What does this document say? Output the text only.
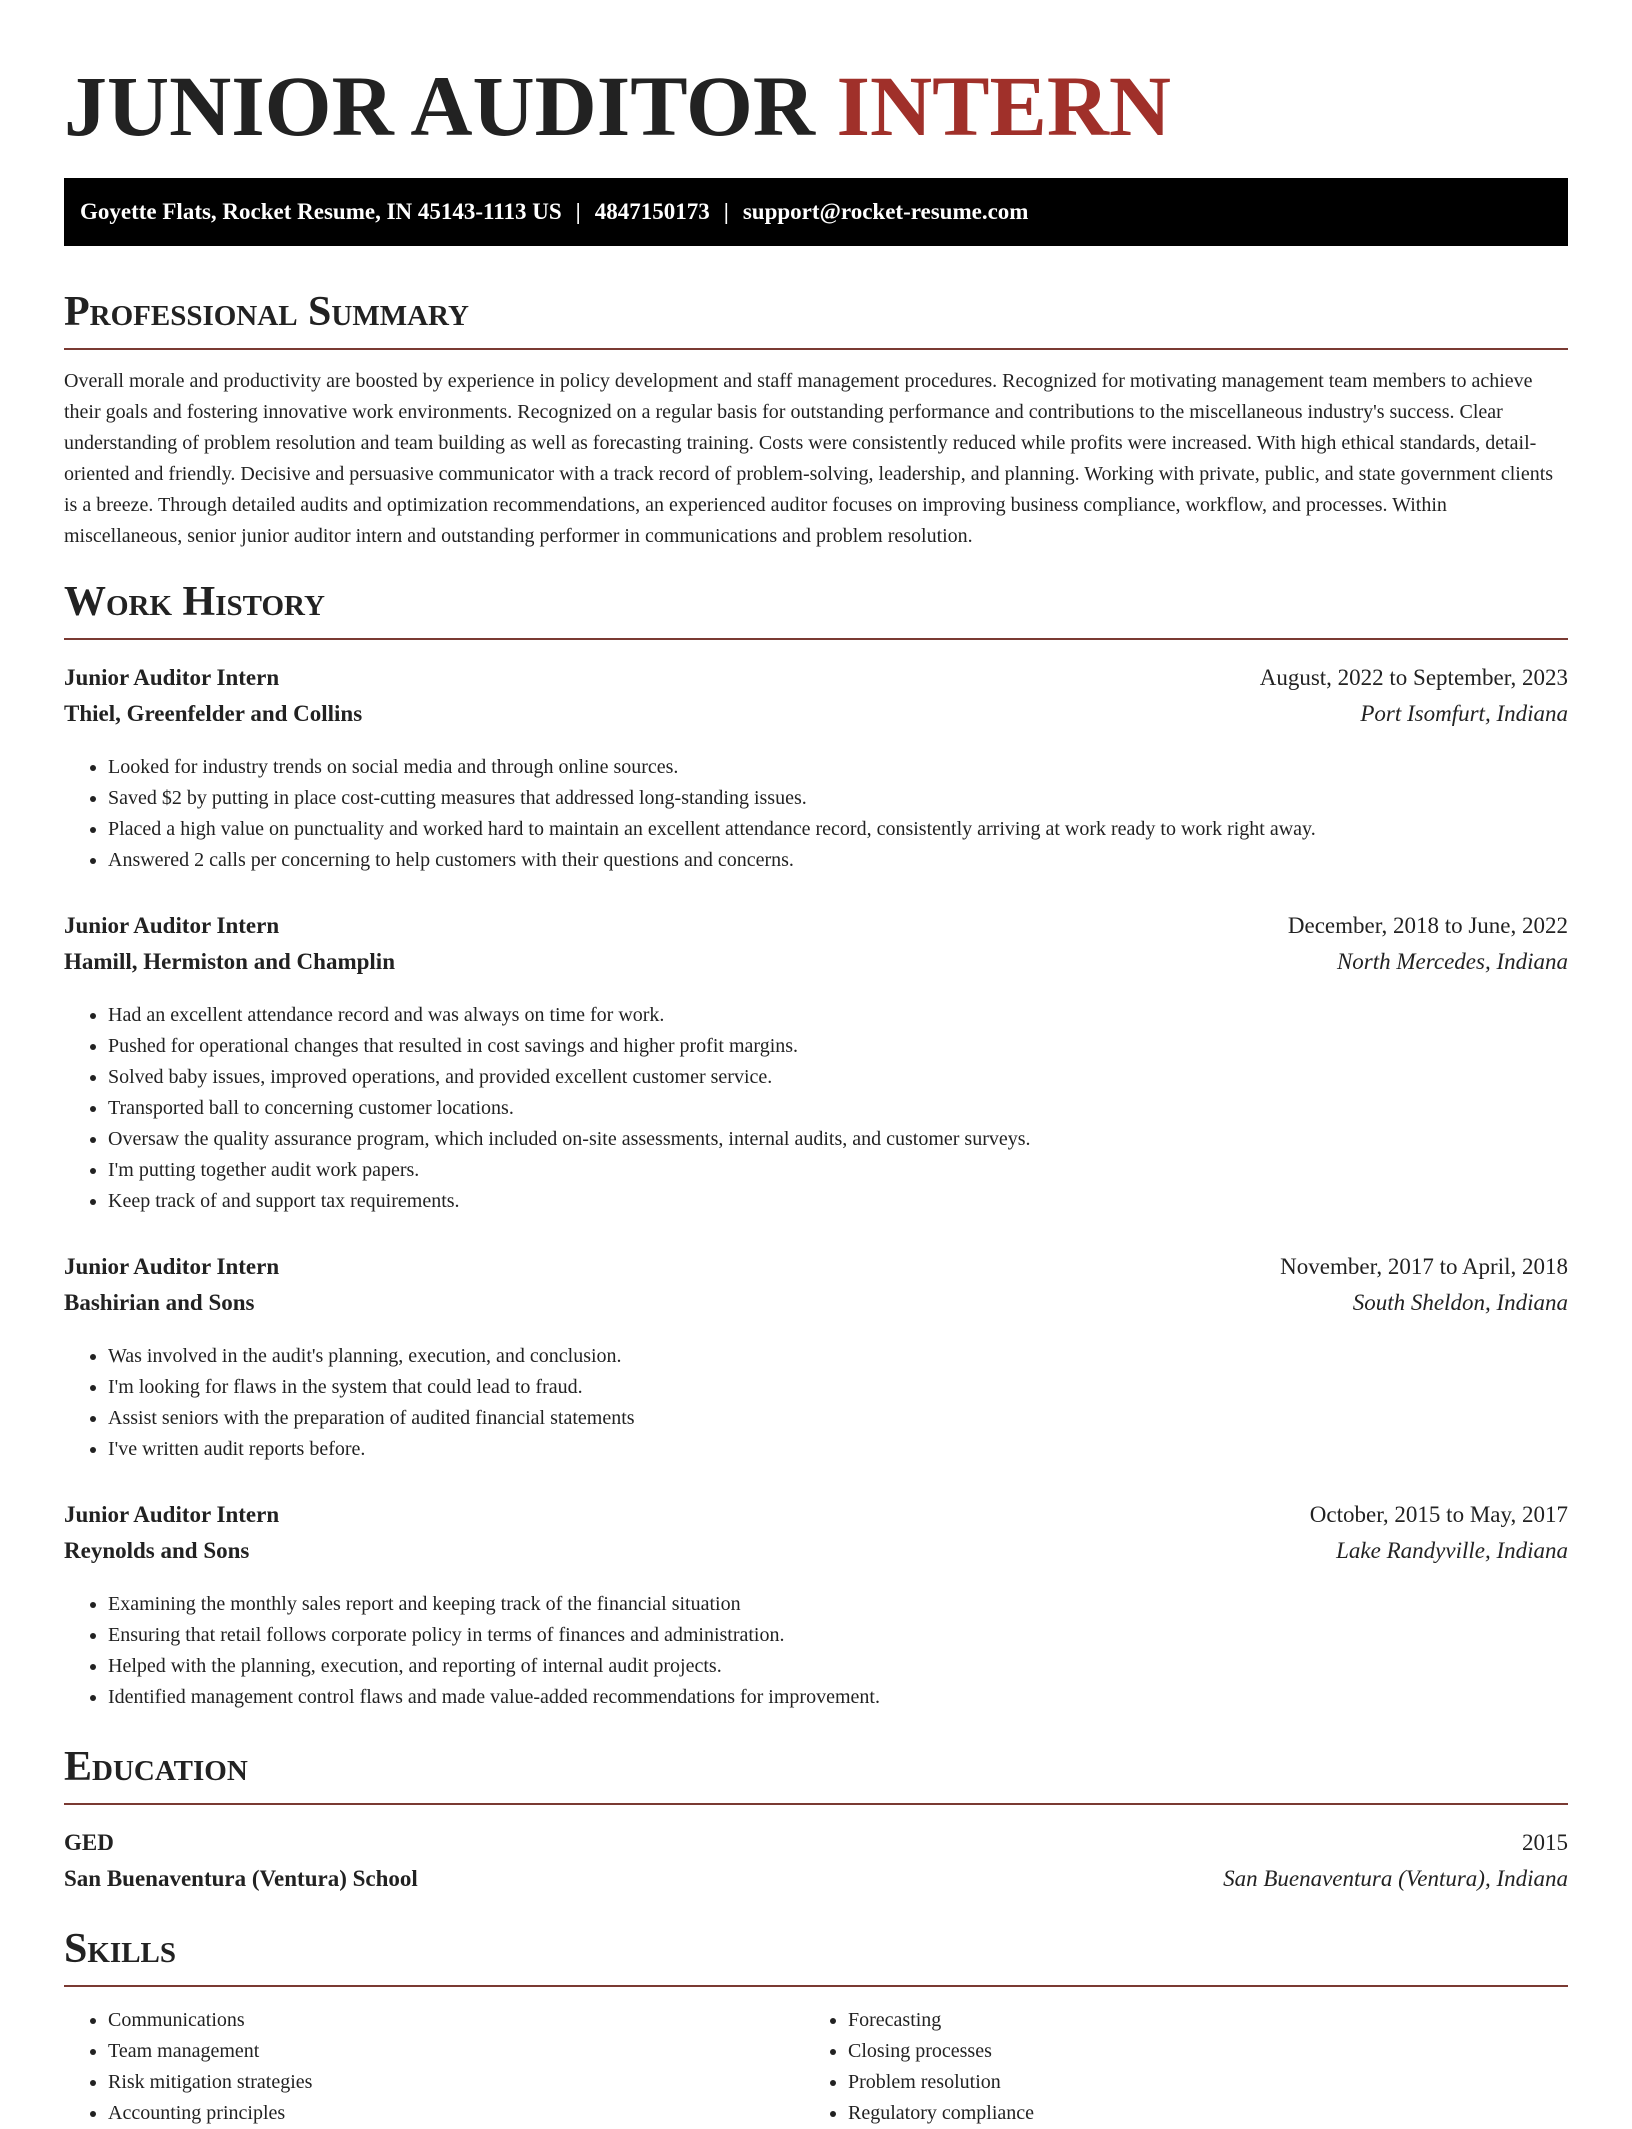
JUNIOR AUDITOR INTERN
Goyette Flats, Rocket Resume, IN 45143-1113 US | 4847150173 | support@rocket-resume.com
Professional Summary

Overall morale and productivity are boosted by experience in policy development and staff management procedures. Recognized for motivating management team members to achieve their goals and fostering innovative work environments. Recognized on a regular basis for outstanding performance and contributions to the miscellaneous industry's success. Clear understanding of problem resolution and team building as well as forecasting training. Costs were consistently reduced while profits were increased. With high ethical standards, detail-oriented and friendly. Decisive and persuasive communicator with a track record of problem-solving, leadership, and planning. Working with private, public, and state government clients is a breeze. Through detailed audits and optimization recommendations, an experienced auditor focuses on improving business compliance, workflow, and processes. Within miscellaneous, senior junior auditor intern and outstanding performer in communications and problem resolution.

Work History
Junior Auditor Intern	August, 2022 to September, 2023
Thiel, Greenfelder and Collins	Port Isomfurt, Indiana
• Looked for industry trends on social media and through online sources.
• Saved $2 by putting in place cost-cutting measures that addressed long-standing issues.
• Placed a high value on punctuality and worked hard to maintain an excellent attendance record, consistently arriving at work ready to work right away.
• Answered 2 calls per concerning to help customers with their questions and concerns.
Junior Auditor Intern	December, 2018 to June, 2022
Hamill, Hermiston and Champlin	North Mercedes, Indiana
• Had an excellent attendance record and was always on time for work.
• Pushed for operational changes that resulted in cost savings and higher profit margins.
• Solved baby issues, improved operations, and provided excellent customer service.
• Transported ball to concerning customer locations.
• Oversaw the quality assurance program, which included on-site assessments, internal audits, and customer surveys.
• I'm putting together audit work papers.
• Keep track of and support tax requirements.
Junior Auditor Intern	November, 2017 to April, 2018
Bashirian and Sons	South Sheldon, Indiana
• Was involved in the audit's planning, execution, and conclusion.
• I'm looking for flaws in the system that could lead to fraud.
• Assist seniors with the preparation of audited financial statements
• I've written audit reports before.
Junior Auditor Intern	October, 2015 to May, 2017
Reynolds and Sons	Lake Randyville, Indiana
• Examining the monthly sales report and keeping track of the financial situation
• Ensuring that retail follows corporate policy in terms of finances and administration.
• Helped with the planning, execution, and reporting of internal audit projects.
• Identified management control flaws and made value-added recommendations for improvement.
Education
GED	2015
San Buenaventura (Ventura) School	San Buenaventura (Ventura), Indiana
Skills
• Communications
• Team management
• Risk mitigation strategies
• Accounting principles
• Forecasting
• Closing processes
• Problem resolution
• Regulatory compliance
